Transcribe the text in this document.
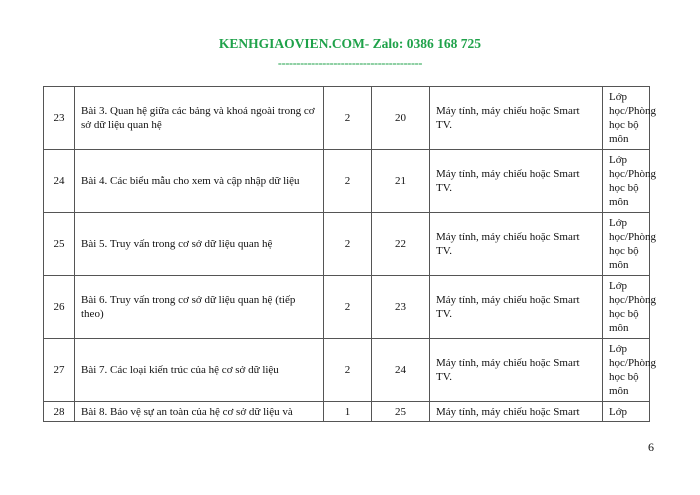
KENHGIAOVIEN.COM- Zalo: 0386 168 725
---------------------------------------
23	Bài 3. Quan hệ giữa các bảng và khoá ngoài trong cơ sở dữ liệu quan hệ	2	20	Máy tính, máy chiếu hoặc Smart TV.	Lớp học/Phòng học bộ môn
24	Bài 4. Các biểu mẫu cho xem và cập nhập dữ liệu	2	21	Máy tính, máy chiếu hoặc Smart TV.	Lớp học/Phòng học bộ môn
25	Bài 5. Truy vấn trong cơ sở dữ liệu quan hệ	2	22	Máy tính, máy chiếu hoặc Smart TV.	Lớp học/Phòng học bộ môn
26	Bài 6. Truy vấn trong cơ sở dữ liệu quan hệ (tiếp theo)	2	23	Máy tính, máy chiếu hoặc Smart TV.	Lớp học/Phòng học bộ môn
27	Bài 7. Các loại kiến trúc của hệ cơ sở dữ liệu	2	24	Máy tính, máy chiếu hoặc Smart TV.	Lớp học/Phòng học bộ môn
28	Bài 8. Bảo vệ sự an toàn của hệ cơ sở dữ liệu và	1	25	Máy tính, máy chiếu hoặc Smart	Lớp
6
